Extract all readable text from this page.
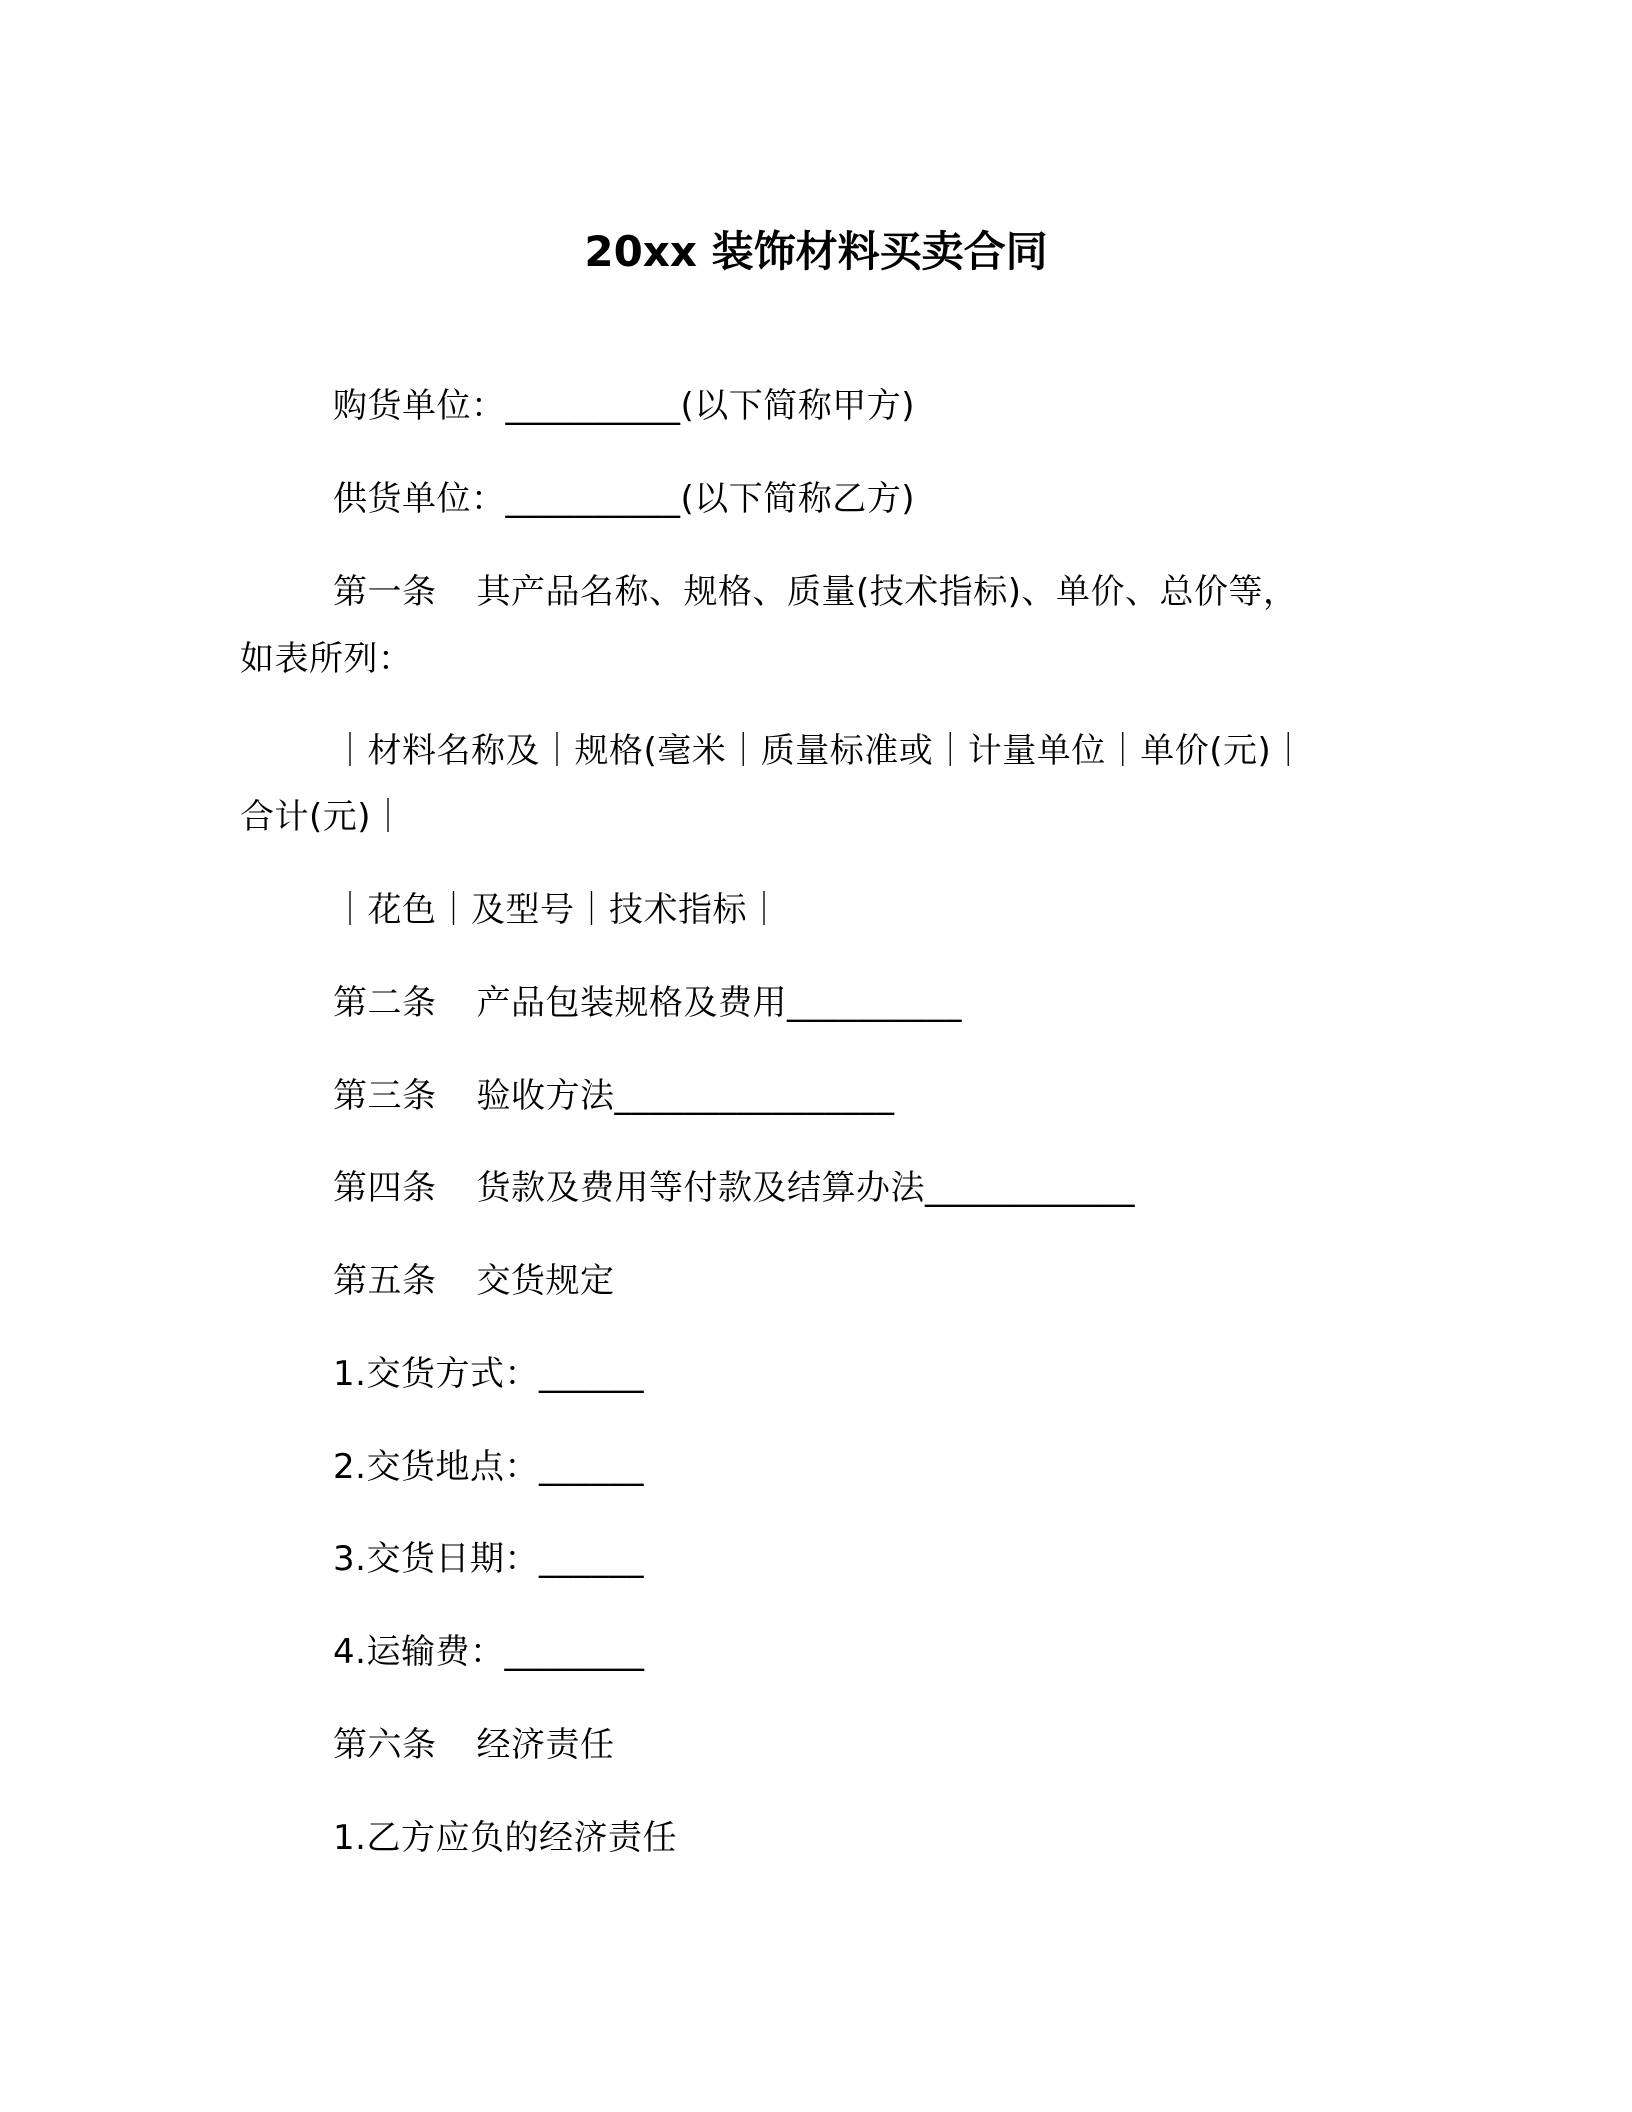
20xx 装饰材料买卖合同
购货单位：__________(以下简称甲方)
供货单位：__________(以下简称乙方)
第一条 其产品名称、规格、质量(技术指标)、单价、总价等，
如表所列：
｜材料名称及｜规格(毫米｜质量标准或｜计量单位｜单价(元)｜
合计(元)｜
｜花色｜及型号｜技术指标｜
第二条 产品包装规格及费用__________
第三条 验收方法________________
第四条 货款及费用等付款及结算办法____________
第五条 交货规定
1.交货方式：______
2.交货地点：______
3.交货日期：______
4.运输费：________
第六条 经济责任
1.乙方应负的经济责任
